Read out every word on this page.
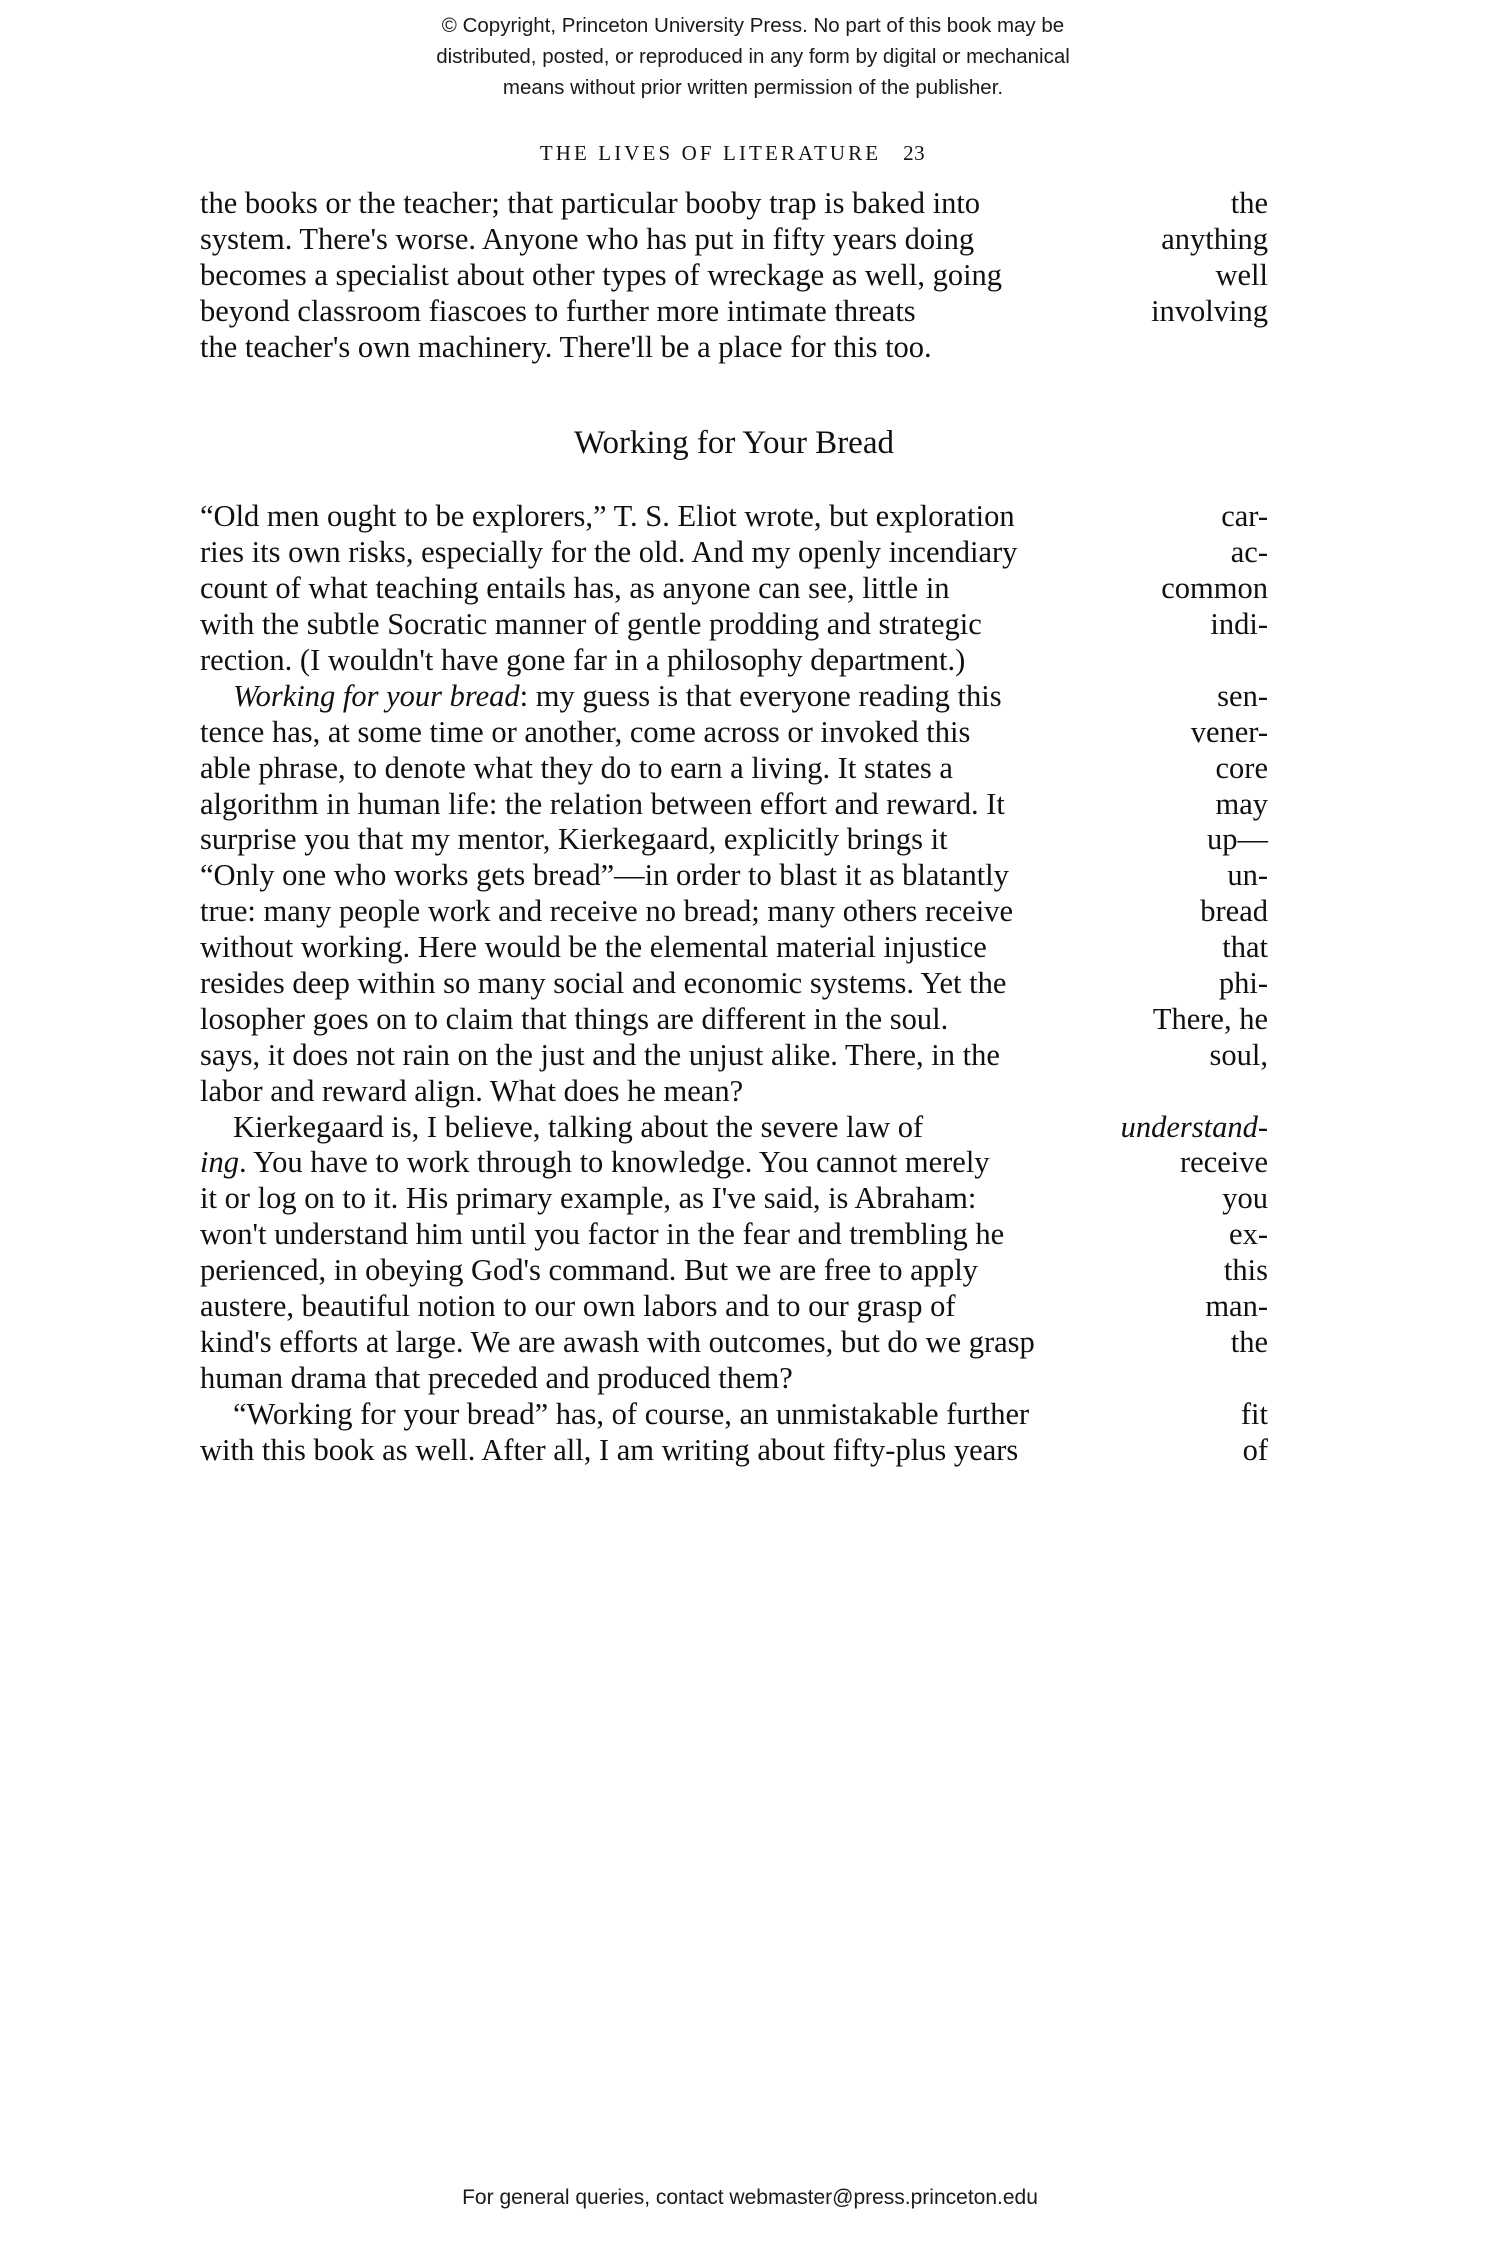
© Copyright, Princeton University Press. No part of this book may be
distributed, posted, or reproduced in any form by digital or mechanical
means without prior written permission of the publisher.
THE LIVES OF LITERATURE 23

the books or the teacher; that particular booby trap is baked into	the
system. There's worse. Anyone who has put in fifty years doing	anything
becomes a specialist about other types of wreckage as well, going	well
beyond classroom fiascoes to further more intimate threats	involving
the teacher's own machinery. There'll be a place for this too.

Working for Your Bread

“Old men ought to be explorers,” T. S. Eliot wrote, but exploration	car-
ries its own risks, especially for the old. And my openly incendiary	ac-
count of what teaching entails has, as anyone can see, little in	common
with the subtle Socratic manner of gentle prodding and strategic	indi-
rection. (I wouldn't have gone far in a philosophy department.)

Working for your bread: my guess is that everyone reading this	sen-
tence has, at some time or another, come across or invoked this	vener-
able phrase, to denote what they do to earn a living. It states a	core
algorithm in human life: the relation between effort and reward. It	may
surprise you that my mentor, Kierkegaard, explicitly brings it	up—
“Only one who works gets bread”—in order to blast it as blatantly	un-
true: many people work and receive no bread; many others receive	bread
without working. Here would be the elemental material injustice	that
resides deep within so many social and economic systems. Yet the	phi-
losopher goes on to claim that things are different in the soul.	There, he
says, it does not rain on the just and the unjust alike. There, in the	soul,
labor and reward align. What does he mean?

Kierkegaard is, I believe, talking about the severe law of	understand-
ing. You have to work through to knowledge. You cannot merely	receive
it or log on to it. His primary example, as I've said, is Abraham:	you
won't understand him until you factor in the fear and trembling he	ex-
perienced, in obeying God's command. But we are free to apply	this
austere, beautiful notion to our own labors and to our grasp of	man-
kind's efforts at large. We are awash with outcomes, but do we grasp	the
human drama that preceded and produced them?

“Working for your bread” has, of course, an unmistakable further	fit
with this book as well. After all, I am writing about fifty-plus years	of

For general queries, contact webmaster@press.princeton.edu
